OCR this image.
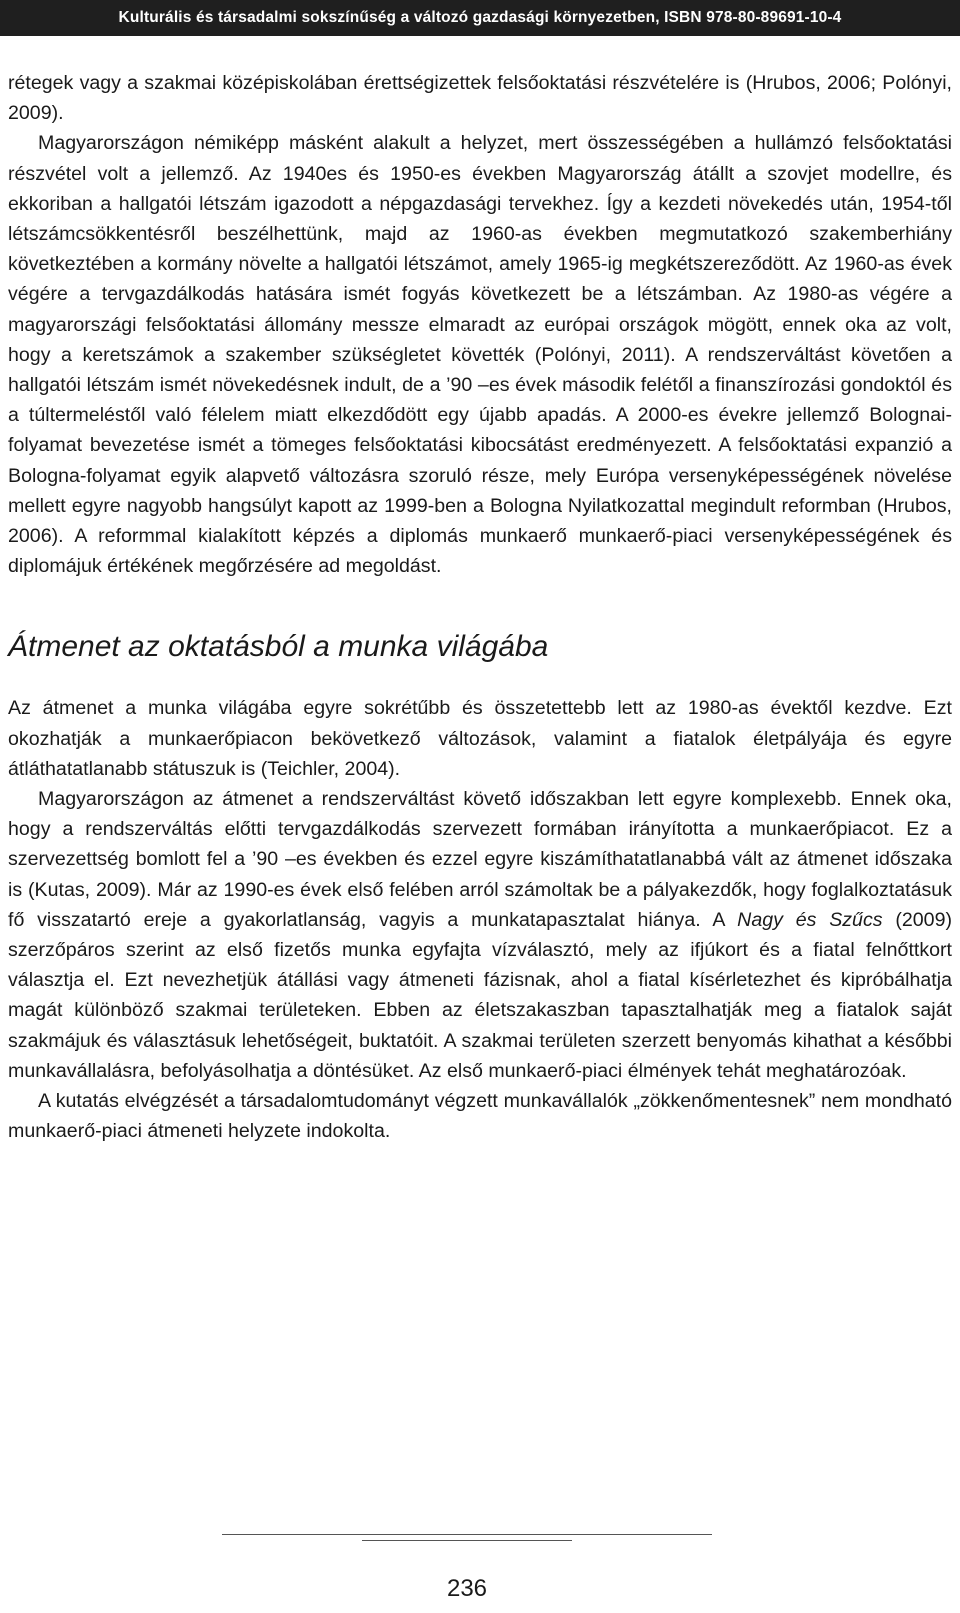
Kulturális és társadalmi sokszínűség a változó gazdasági környezetben, ISBN 978-80-89691-10-4

rétegek vagy a szakmai középiskolában érettségizettek felsőoktatási részvételére is (Hrubos, 2006; Polónyi, 2009).

Magyarországon némiképp másként alakult a helyzet, mert összességében a hullámzó felsőoktatási részvétel volt a jellemző. Az 1940es és 1950-es években Magyarország átállt a szovjet modellre, és ekkoriban a hallgatói létszám igazodott a népgazdasági tervekhez. Így a kezdeti növekedés után, 1954-től létszámcsökkentésről beszélhettünk, majd az 1960-as években megmutatkozó szakemberhiány következtében a kormány növelte a hallgatói létszámot, amely 1965-ig megkétszereződött. Az 1960-as évek végére a tervgazdálkodás hatására ismét fogyás következett be a létszámban. Az 1980-as végére a magyarországi felsőoktatási állomány messze elmaradt az európai országok mögött, ennek oka az volt, hogy a keretszámok a szakember szükségletet követték (Polónyi, 2011). A rendszerváltást követően a hallgatói létszám ismét növekedésnek indult, de a ’90 –es évek második felétől a finanszírozási gondoktól és a túltermeléstől való félelem miatt elkezdődött egy újabb apadás. A 2000-es évekre jellemző Bolognai-folyamat bevezetése ismét a tömeges felsőoktatási kibocsátást eredményezett. A felsőoktatási expanzió a Bologna-folyamat egyik alapvető változásra szoruló része, mely Európa versenyképességének növelése mellett egyre nagyobb hangsúlyt kapott az 1999-ben a Bologna Nyilatkozattal megindult reformban (Hrubos, 2006). A reformmal kialakított képzés a diplomás munkaerő munkaerő-piaci versenyképességének és diplomájuk értékének megőrzésére ad megoldást.

Átmenet az oktatásból a munka világába

Az átmenet a munka világába egyre sokrétűbb és összetettebb lett az 1980-as évektől kezdve. Ezt okozhatják a munkaerőpiacon bekövetkező változások, valamint a fiatalok életpályája és egyre átláthatatlanabb státuszuk is (Teichler, 2004).

Magyarországon az átmenet a rendszerváltást követő időszakban lett egyre komplexebb. Ennek oka, hogy a rendszerváltás előtti tervgazdálkodás szervezett formában irányította a munkaerőpiacot. Ez a szervezettség bomlott fel a ’90 –es években és ezzel egyre kiszámíthatatlanabbá vált az átmenet időszaka is (Kutas, 2009). Már az 1990-es évek első felében arról számoltak be a pályakezdők, hogy foglalkoztatásuk fő visszatartó ereje a gyakorlatlanság, vagyis a munkatapasztalat hiánya. A Nagy és Szűcs (2009) szerzőpáros szerint az első fizetős munka egyfajta vízválasztó, mely az ifjúkort és a fiatal felnőttkort választja el. Ezt nevezhetjük átállási vagy átmeneti fázisnak, ahol a fiatal kísérletezhet és kipróbálhatja magát különböző szakmai területeken. Ebben az életszakaszban tapasztalhatják meg a fiatalok saját szakmájuk és választásuk lehetőségeit, buktatóit. A szakmai területen szerzett benyomás kihathat a későbbi munkavállalásra, befolyásolhatja a döntésüket. Az első munkaerő-piaci élmények tehát meghatározóak.

A kutatás elvégzését a társadalomtudományt végzett munkavállalók „zökkenőmentesnek” nem mondható munkaerő-piaci átmeneti helyzete indokolta.

236
